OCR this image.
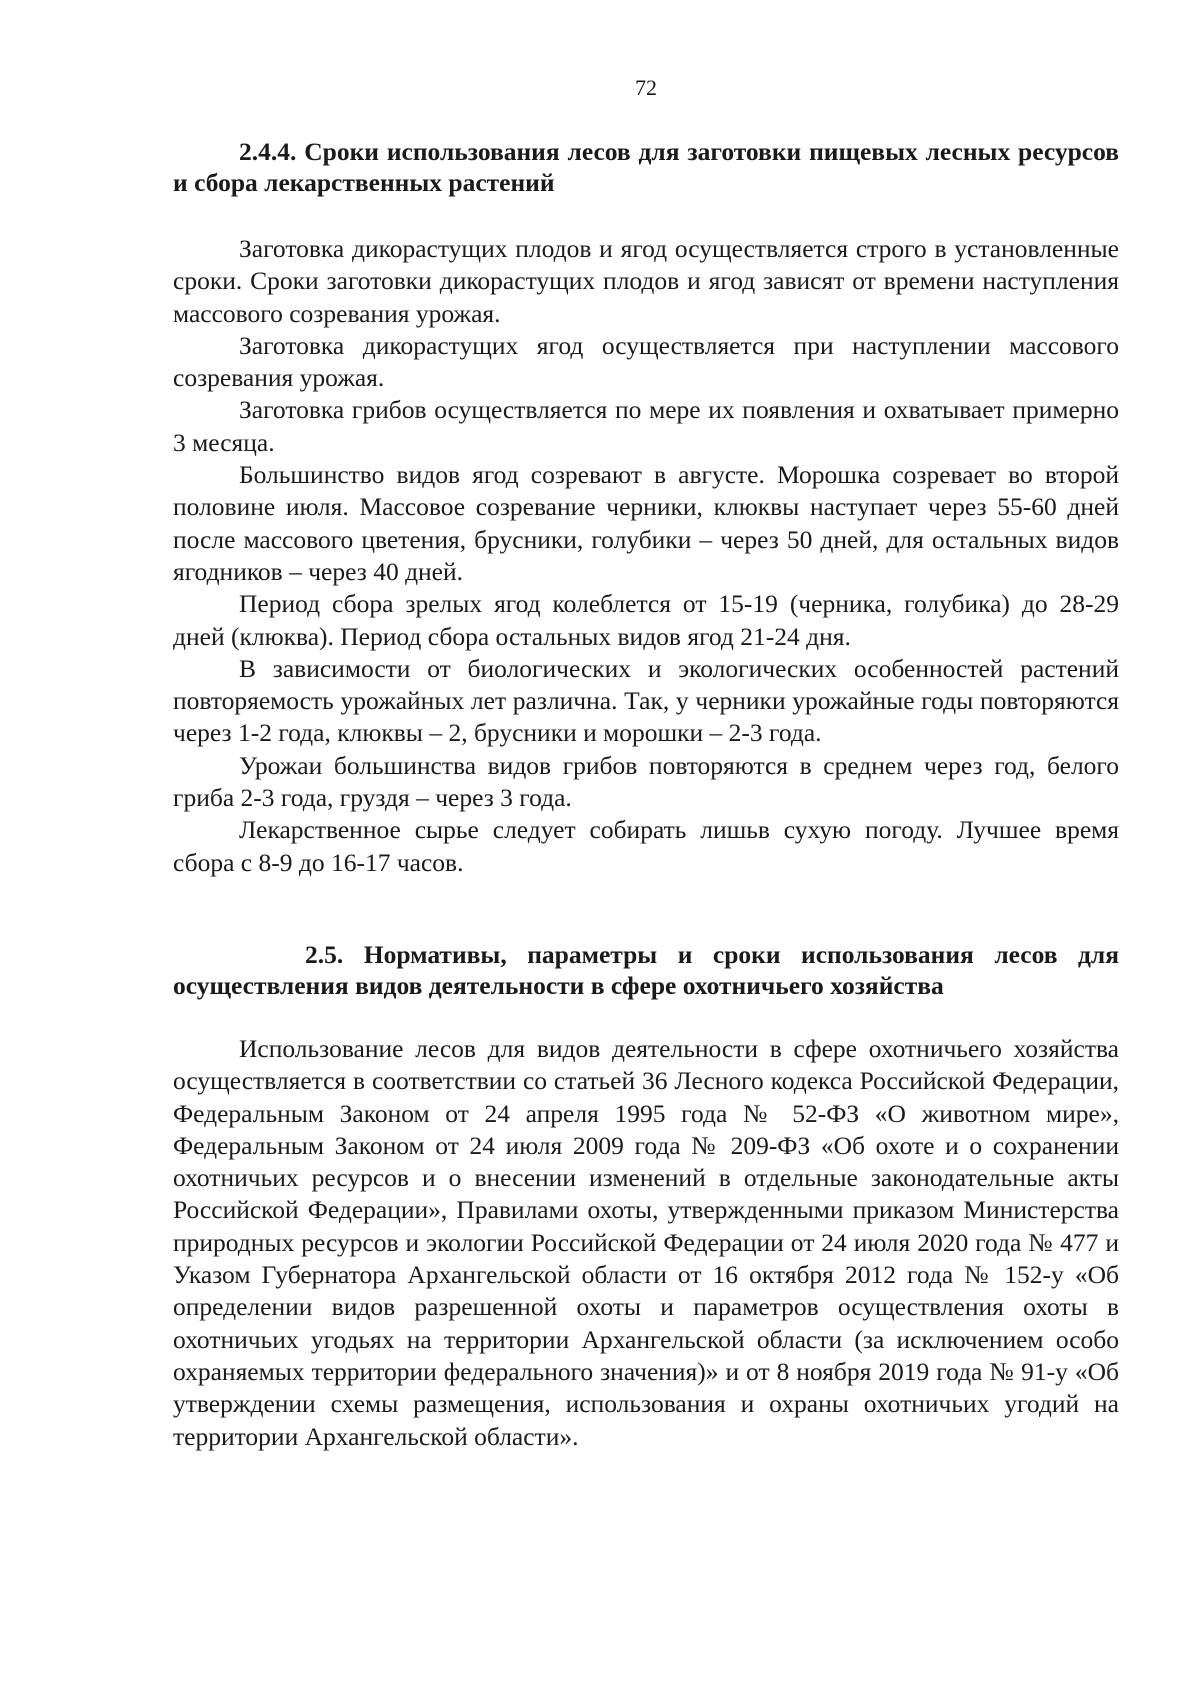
72
2.4.4. Сроки использования лесов для заготовки пищевых лесных ресурсов и сбора лекарственных растений

Заготовка дикорастущих плодов и ягод осуществляется строго в установленные сроки. Сроки заготовки дикорастущих плодов и ягод зависят от времени наступления массового созревания урожая.

Заготовка дикорастущих ягод осуществляется при наступлении массового созревания урожая.

Заготовка грибов осуществляется по мере их появления и охватывает примерно 3 месяца.

Большинство видов ягод созревают в августе. Морошка созревает во второй половине июля. Массовое созревание черники, клюквы наступает через 55-60 дней после массового цветения, брусники, голубики – через 50 дней, для остальных видов ягодников – через 40 дней.

Период сбора зрелых ягод колеблется от 15-19 (черника, голубика) до 28-29 дней (клюква). Период сбора остальных видов ягод 21-24 дня.

В зависимости от биологических и экологических особенностей растений повторяемость урожайных лет различна. Так, у черники урожайные годы повторяются через 1-2 года, клюквы – 2, брусники и морошки – 2-3 года.

Урожаи большинства видов грибов повторяются в среднем через год, белого гриба 2-3 года, груздя – через 3 года.

Лекарственное сырье следует собирать лишьв сухую погоду. Лучшее время сбора с 8-9 до 16-17 часов.

2.5. Нормативы, параметры и сроки использования лесов для осуществления видов деятельности в сфере охотничьего хозяйства

Использование лесов для видов деятельности в сфере охотничьего хозяйства осуществляется в соответствии со статьей 36 Лесного кодекса Российской Федерации, Федеральным Законом от 24 апреля 1995 года № 52-ФЗ «О животном мире», Федеральным Законом от 24 июля 2009 года № 209-ФЗ «Об охоте и о сохранении охотничьих ресурсов и о внесении изменений в отдельные законодательные акты Российской Федерации», Правилами охоты, утвержденными приказом Министерства природных ресурсов и экологии Российской Федерации от 24 июля 2020 года № 477 и Указом Губернатора Архангельской области от 16 октября 2012 года № 152-у «Об определении видов разрешенной охоты и параметров осуществления охоты в охотничьих угодьях на территории Архангельской области (за исключением особо охраняемых территории федерального значения)» и от 8 ноября 2019 года № 91-у «Об утверждении схемы размещения, использования и охраны охотничьих угодий на территории Архангельской области».
